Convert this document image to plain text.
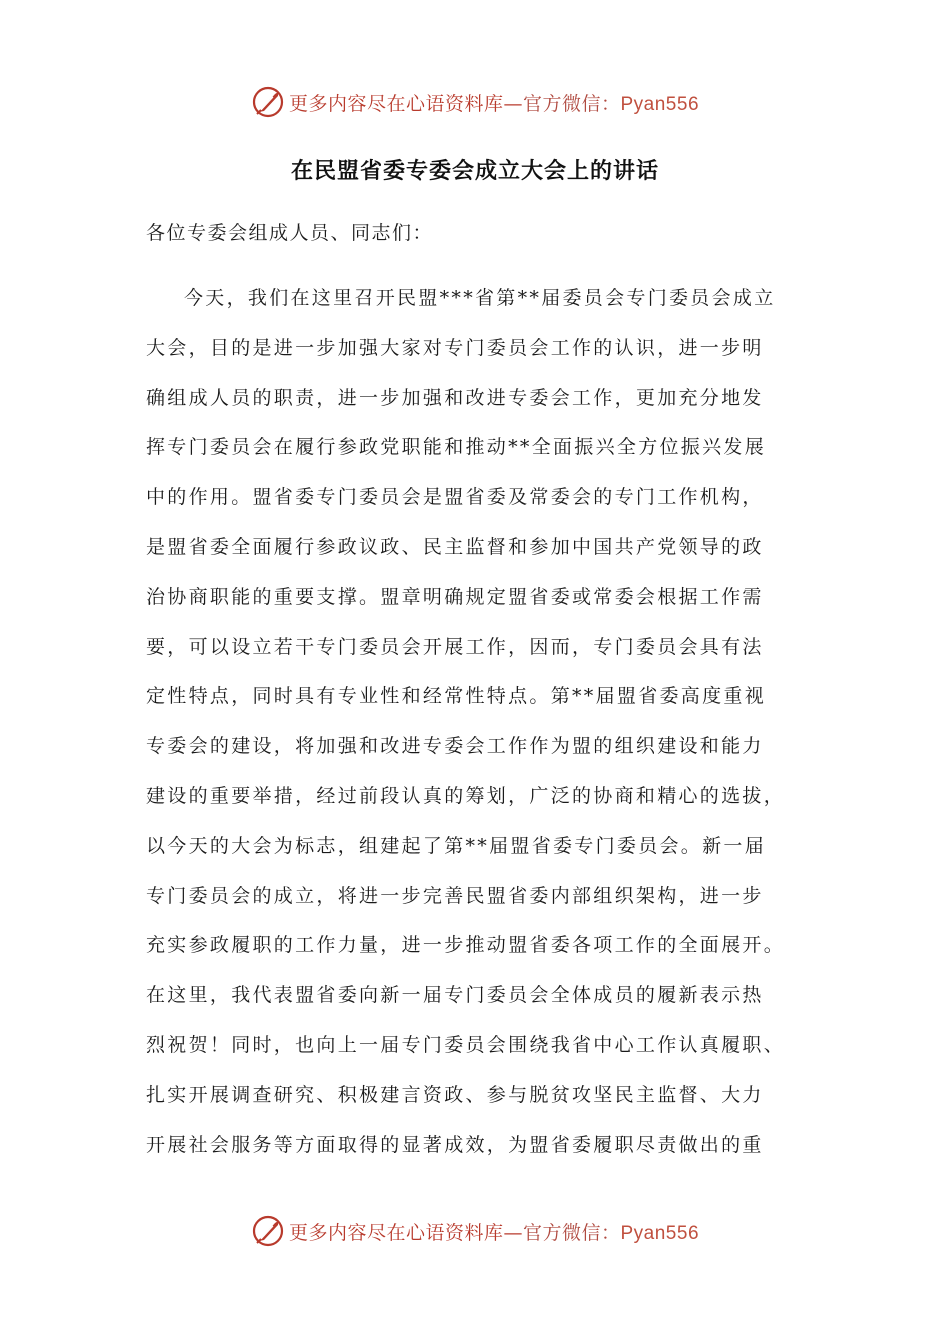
更多内容尽在心语资料库—官方微信：Pyan556
在民盟省委专委会成立大会上的讲话
各位专委会组成人员、同志们：
今天，我们在这里召开民盟***省第**届委员会专门委员会成立
大会，目的是进一步加强大家对专门委员会工作的认识，进一步明
确组成人员的职责，进一步加强和改进专委会工作，更加充分地发
挥专门委员会在履行参政党职能和推动**全面振兴全方位振兴发展
中的作用。盟省委专门委员会是盟省委及常委会的专门工作机构，
是盟省委全面履行参政议政、民主监督和参加中国共产党领导的政
治协商职能的重要支撑。盟章明确规定盟省委或常委会根据工作需
要，可以设立若干专门委员会开展工作，因而，专门委员会具有法
定性特点，同时具有专业性和经常性特点。第**届盟省委高度重视
专委会的建设，将加强和改进专委会工作作为盟的组织建设和能力
建设的重要举措，经过前段认真的筹划，广泛的协商和精心的选拔，
以今天的大会为标志，组建起了第**届盟省委专门委员会。新一届
专门委员会的成立，将进一步完善民盟省委内部组织架构，进一步
充实参政履职的工作力量，进一步推动盟省委各项工作的全面展开。
在这里，我代表盟省委向新一届专门委员会全体成员的履新表示热
烈祝贺！同时，也向上一届专门委员会围绕我省中心工作认真履职、
扎实开展调查研究、积极建言资政、参与脱贫攻坚民主监督、大力
开展社会服务等方面取得的显著成效，为盟省委履职尽责做出的重
更多内容尽在心语资料库—官方微信：Pyan556
